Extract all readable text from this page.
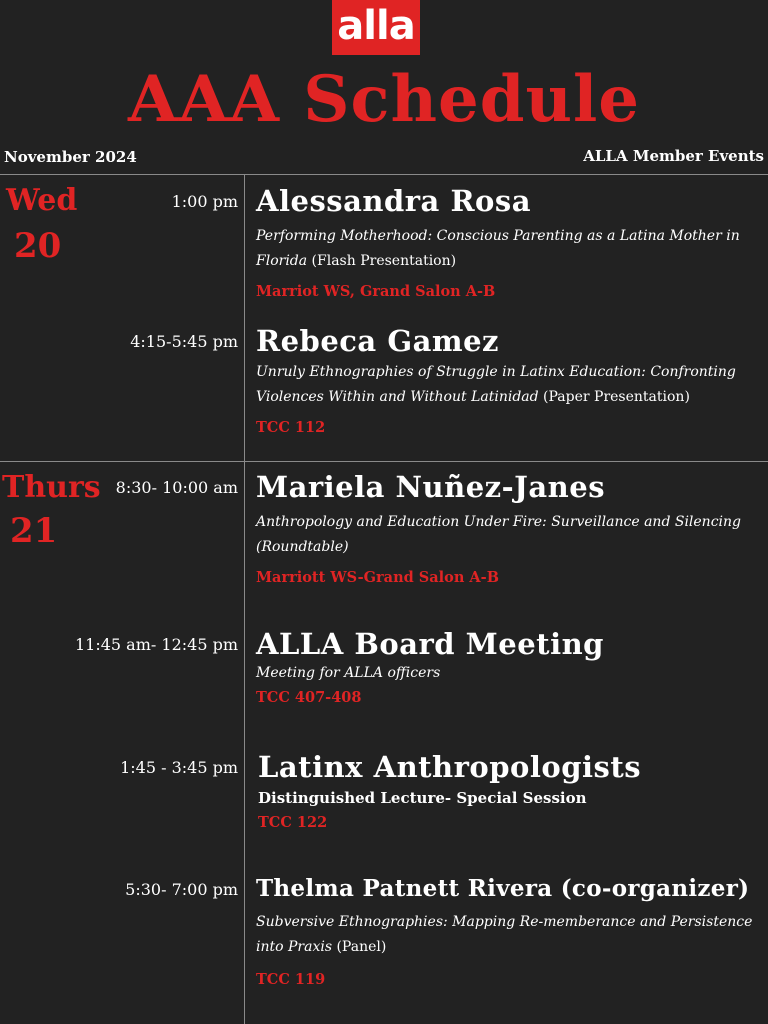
alla
AAA Schedule
November 2024	ALLA Member Events
Wed
20
1:00 pm Alessandra Rosa
Performing Motherhood: Conscious Parenting as a Latina Mother in Florida (Flash Presentation)
Marriot WS, Grand Salon A-B
4:15-5:45 pm Rebeca Gamez
Unruly Ethnographies of Struggle in Latinx Education: Confronting Violences Within and Without Latinidad (Paper Presentation)
TCC 112
Thurs
21
8:30- 10:00 am Mariela Nuñez-Janes
Anthropology and Education Under Fire: Surveillance and Silencing (Roundtable)
Marriott WS-Grand Salon A-B
11:45 am- 12:45 pm ALLA Board Meeting
Meeting for ALLA officers
TCC 407-408
1:45 - 3:45 pm Latinx Anthropologists
Distinguished Lecture- Special Session
TCC 122
5:30- 7:00 pm Thelma Patnett Rivera (co-organizer)
Subversive Ethnographies: Mapping Re-memberance and Persistence into Praxis (Panel)
TCC 119
